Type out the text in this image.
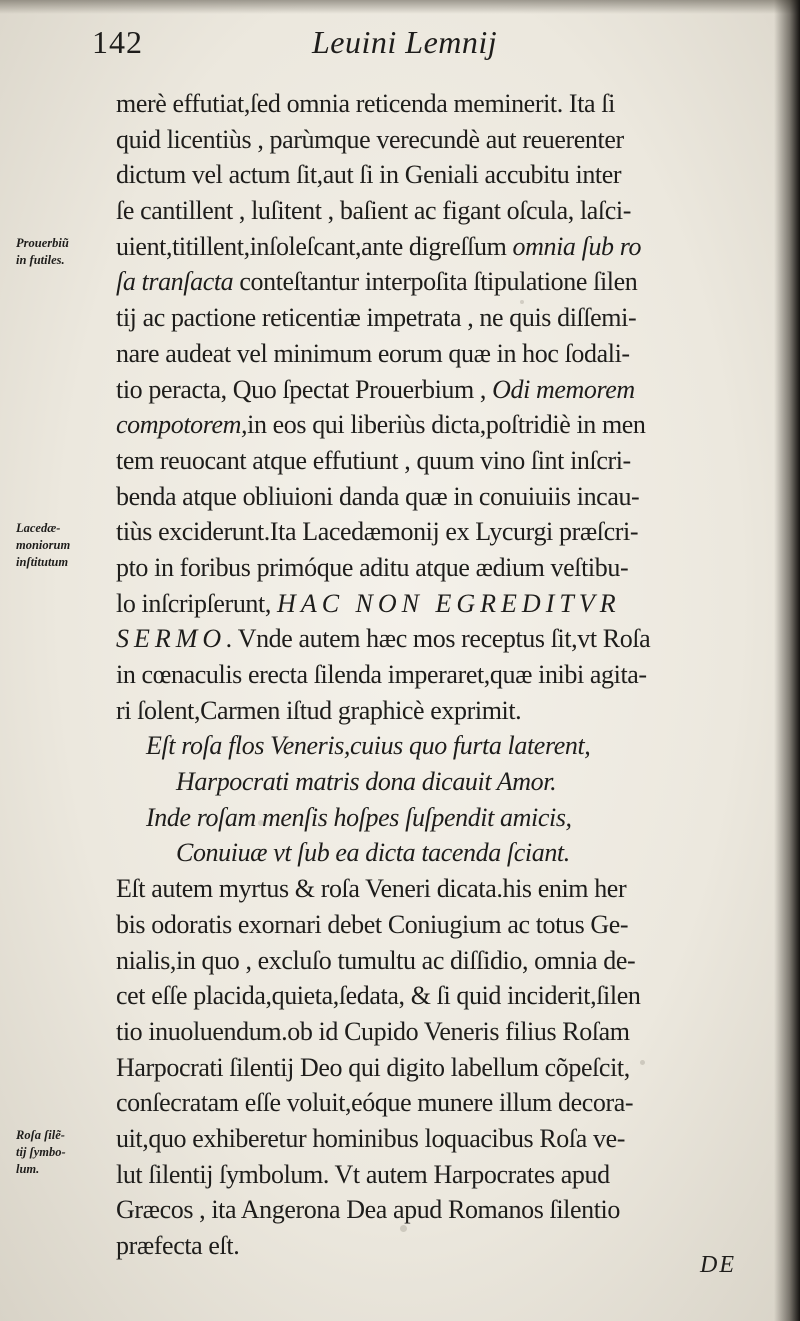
142	Leuini Lemnij
merè effutiat,ſed omnia reticenda meminerit. Ita ſi
quid licentiùs , parùmque verecundè aut reuerenter
dictum vel actum ſit,aut ſi in Geniali accubitu inter
ſe cantillent , luſitent , baſient ac figant oſcula, laſci-
uient,titillent,inſoleſcant,ante digreſſum omnia ſub ro
ſa tranſacta conteſtantur interpoſita ſtipulatione ſilen
tij ac pactione reticentiæ impetrata , ne quis diſſemi-
nare audeat vel minimum eorum quæ in hoc ſodali-
tio peracta, Quo ſpectat Prouerbium , Odi memorem
compotorem,in eos qui liberiùs dicta,poſtridiè in men
tem reuocant atque effutiunt , quum vino ſint inſcri-
benda atque obliuioni danda quæ in conuiuiis incau-
tiùs exciderunt.Ita Lacedæmonij ex Lycurgi præſcri-
pto in foribus primóque aditu atque ædium veſtibu-
lo inſcripſerunt, HAC NON EGREDITVR
SERMO.Vnde autem hæc mos receptus ſit,vt Roſa
in cœnaculis erecta ſilenda imperaret,quæ inibi agita-
ri ſolent,Carmen iſtud graphicè exprimit.
Eſt roſa flos Veneris,cuius quo furta laterent,
Harpocrati matris dona dicauit Amor.
Inde roſam menſis hoſpes ſuſpendit amicis,
Conuiuæ vt ſub ea dicta tacenda ſciant.
Eſt autem myrtus & roſa Veneri dicata.his enim her
bis odoratis exornari debet Coniugium ac totus Ge-
nialis,in quo , excluſo tumultu ac diſſidio, omnia de-
cet eſſe placida,quieta,ſedata, & ſi quid inciderit,ſilen
tio inuoluendum.ob id Cupido Veneris filius Roſam
Harpocrati ſilentij Deo qui digito labellum cõpeſcit,
conſecratam eſſe voluit,eóque munere illum decora-
uit,quo exhiberetur hominibus loquacibus Roſa ve-
lut ſilentij ſymbolum. Vt autem Harpocrates apud
Græcos , ita Angerona Dea apud Romanos ſilentio
præfecta eſt.
Prouerbiũ
in futiles.
Lacedæ-
moniorum
inſtitutum
Roſa ſilẽ-
tij ſymbo-
lum.
DE
